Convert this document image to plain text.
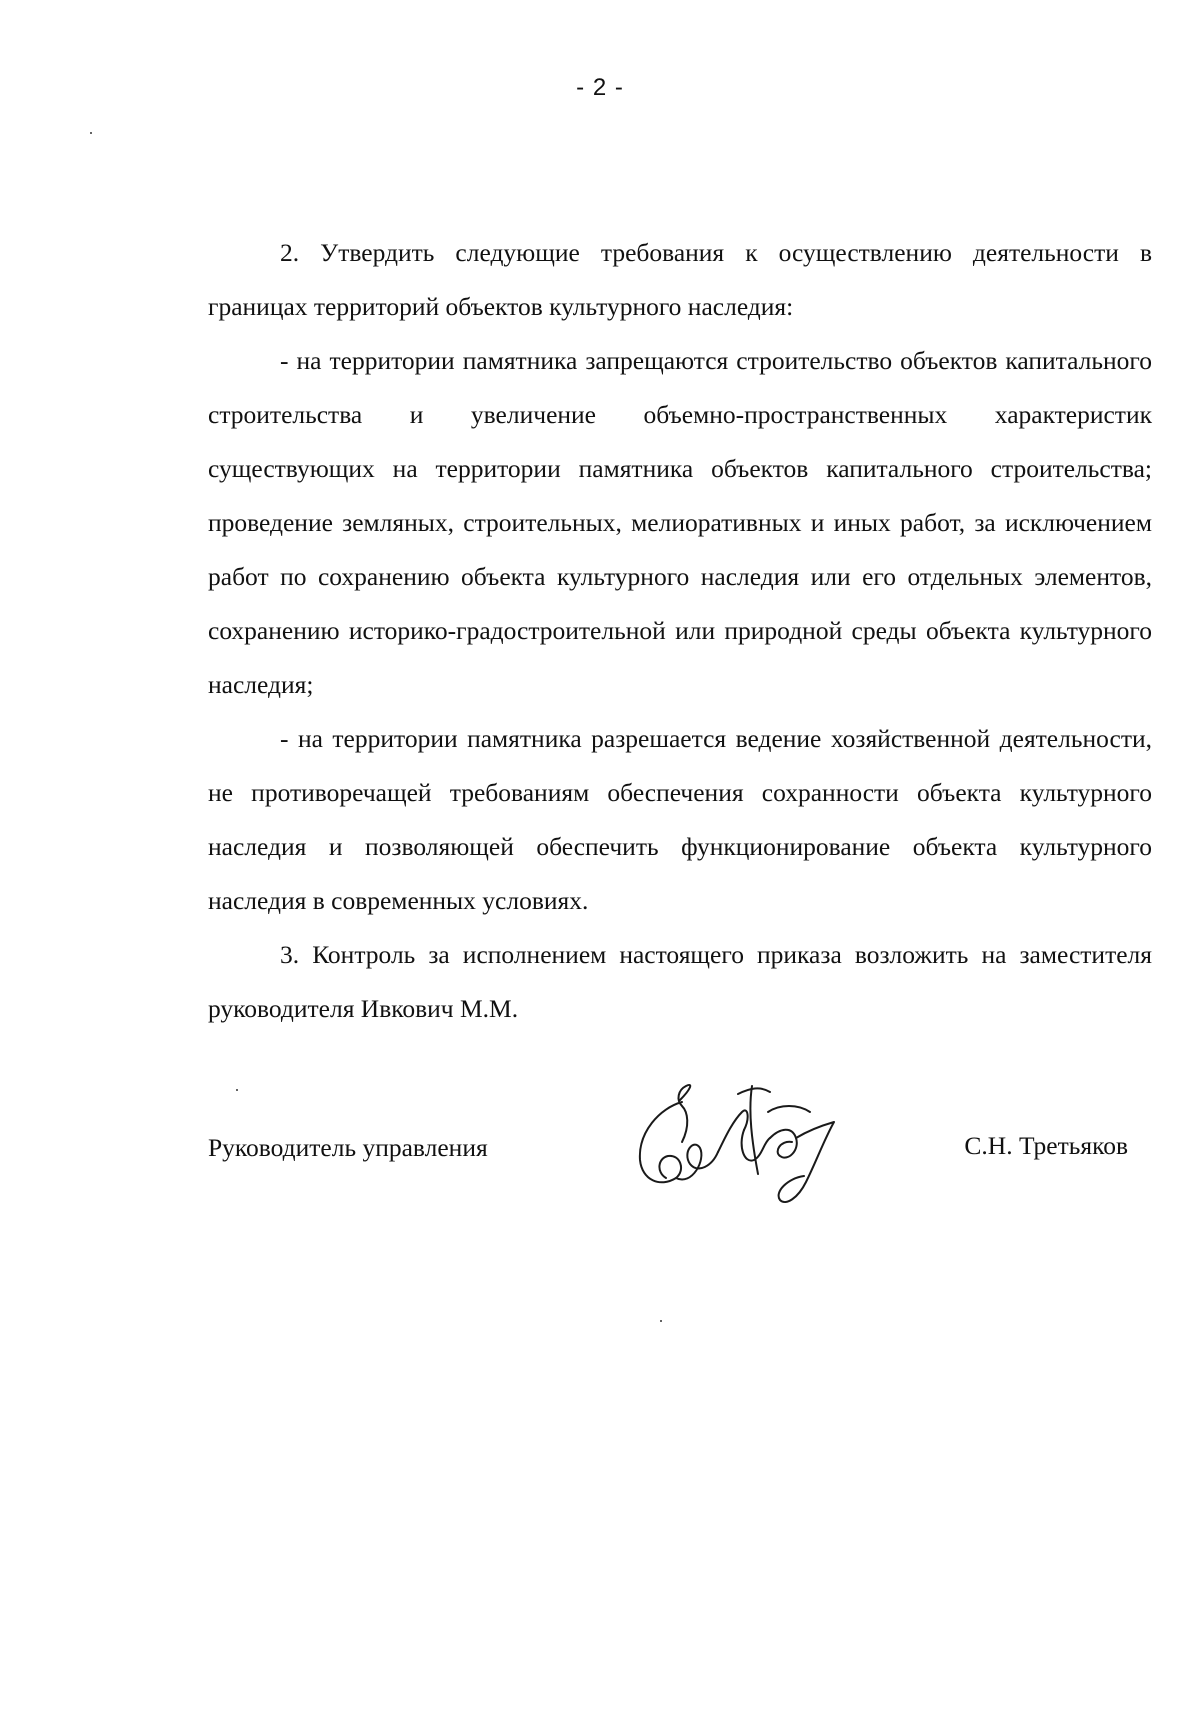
- 2 -

2. Утвердить следующие требования к осуществлению деятельности в границах территорий объектов культурного наследия:

- на территории памятника запрещаются строительство объектов капитального строительства и увеличение объемно-пространственных характеристик существующих на территории памятника объектов капитального строительства; проведение земляных, строительных, мелиоративных и иных работ, за исключением работ по сохранению объекта культурного наследия или его отдельных элементов, сохранению историко-градостроительной или природной среды объекта культурного наследия;

- на территории памятника разрешается ведение хозяйственной деятельности, не противоречащей требованиям обеспечения сохранности объекта культурного наследия и позволяющей обеспечить функционирование объекта культурного наследия в современных условиях.

3. Контроль за исполнением настоящего приказа возложить на заместителя руководителя Ивкович М.М.

Руководитель управления	С.Н. Третьяков
